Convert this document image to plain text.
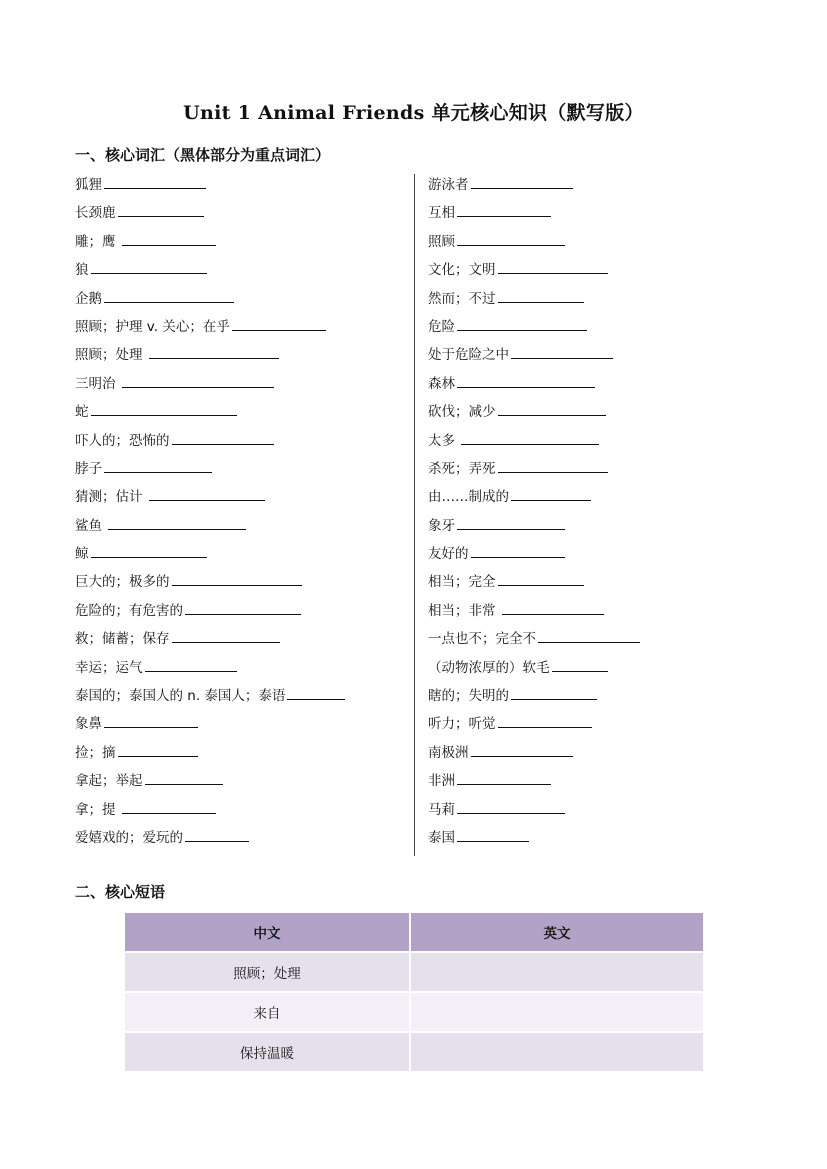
Unit 1 Animal Friends 单元核心知识（默写版）
一、核心词汇（黑体部分为重点词汇）
狐狸
长颈鹿
雕；鹰
狼
企鹅
照顾；护理 v. 关心；在乎
照顾；处理
三明治
蛇
吓人的；恐怖的
脖子
猜测；估计
鲨鱼
鲸
巨大的；极多的
危险的；有危害的
救；储蓄；保存
幸运；运气
泰国的；泰国人的 n. 泰国人；泰语
象鼻
捡；摘
拿起；举起
拿；提
爱嬉戏的；爱玩的
游泳者
互相
照顾
文化；文明
然而；不过
危险
处于危险之中
森林
砍伐；减少
太多
杀死；弄死
由……制成的
象牙
友好的
相当；完全
相当；非常
一点也不；完全不
（动物浓厚的）软毛
瞎的；失明的
听力；听觉
南极洲
非洲
马莉
泰国
二、核心短语
中文	英文
照顾；处理	
来自	
保持温暖	
